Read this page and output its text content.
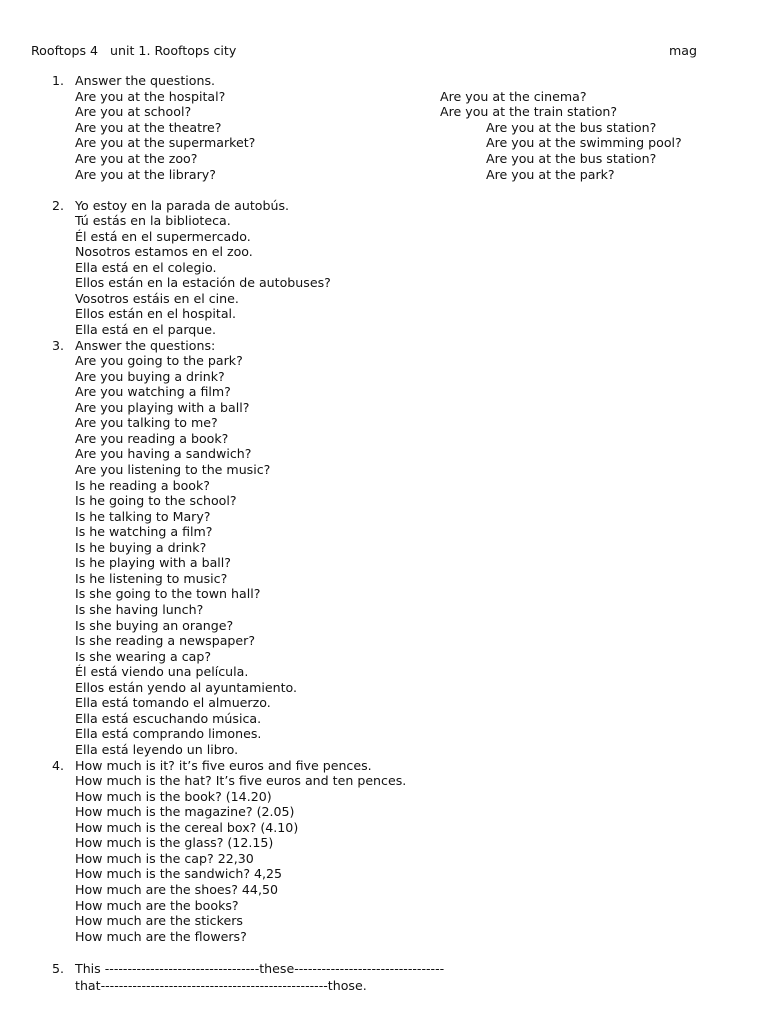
Rooftops 4   unit 1. Rooftops city	mag
1. Answer the questions.
Are you at the hospital?
Are you at school?
Are you at the theatre?
Are you at the supermarket?
Are you at the zoo?
Are you at the library?
Are you at the cinema?
Are you at the train station?
Are you at the bus station?
Are you at the swimming pool?
Are you at the bus station?
Are you at the park?
2. Yo estoy en la parada de autobús.
Tú estás en la biblioteca.
Él está en el supermercado.
Nosotros estamos en el zoo.
Ella está en el colegio.
Ellos están en la estación de autobuses?
Vosotros estáis en el cine.
Ellos están en el hospital.
Ella está en el parque.
3. Answer the questions:
Are you going to the park?
Are you buying a drink?
Are you watching a film?
Are you playing with a ball?
Are you talking to me?
Are you reading a book?
Are you having a sandwich?
Are you listening to the music?
Is he reading a book?
Is he going to the school?
Is he talking to Mary?
Is he watching a film?
Is he buying a drink?
Is he playing with a ball?
Is he listening to music?
Is she going to the town hall?
Is she having lunch?
Is she buying an orange?
Is she reading a newspaper?
Is she wearing a cap?
Él está viendo una película.
Ellos están yendo al ayuntamiento.
Ella está tomando el almuerzo.
Ella está escuchando música.
Ella está comprando limones.
Ella está leyendo un libro.
4. How much is it? it’s five euros and five pences.
How much is the hat? It’s five euros and ten pences.
How much is the book? (14.20)
How much is the magazine? (2.05)
How much is the cereal box? (4.10)
How much is the glass? (12.15)
How much is the cap? 22,30
How much is the sandwich? 4,25
How much are the shoes? 44,50
How much are the books?
How much are the stickers
How much are the flowers?
5. This ----------------------------------these---------------------------------
that--------------------------------------------------those.
